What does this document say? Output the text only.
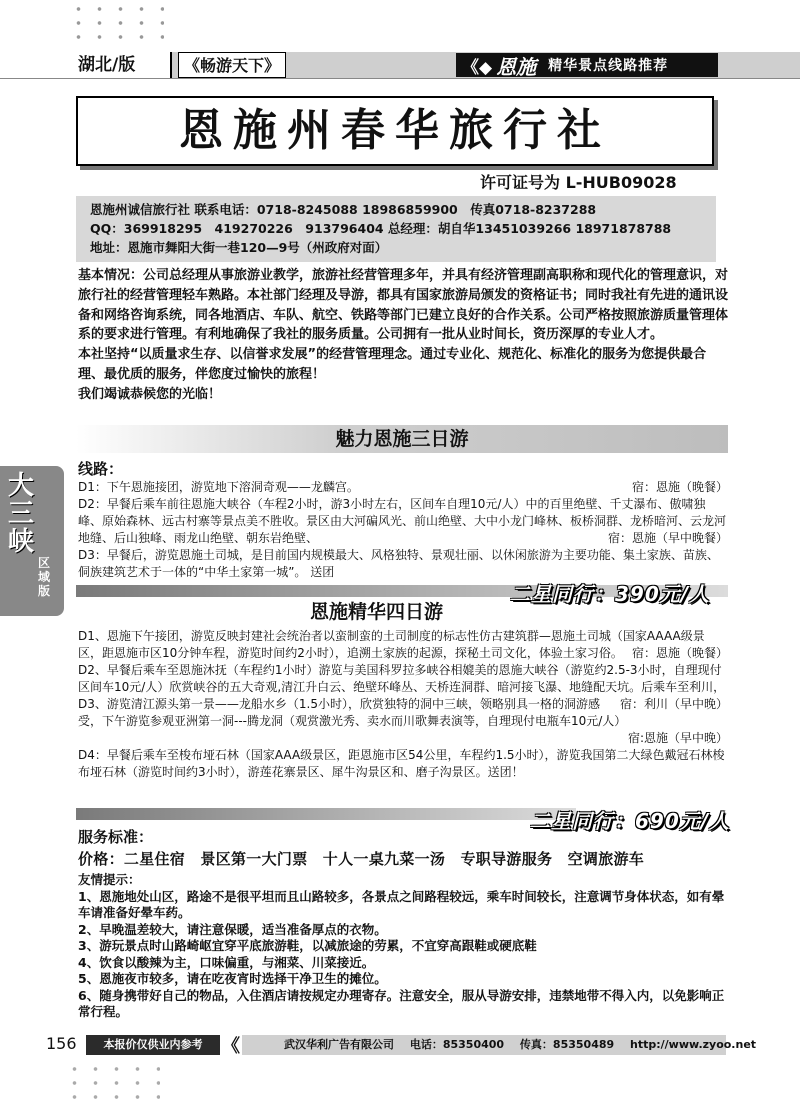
湖北/版	《畅游天下》	《◆ 恩施 精华景点线路推荐
恩施州春华旅行社
许可证号为 L-HUB09028
恩施州诚信旅行社 联系电话：0718-8245088 18986859900　传真0718-8237288
QQ：369918295　419270226　913796404 总经理：胡自华13451039266 18971878788
地址：恩施市舞阳大街一巷120—9号（州政府对面）

基本情况：公司总经理从事旅游业教学，旅游社经营管理多年，并具有经济管理副高职称和现代化的管理意识，对旅行社的经营管理轻车熟路。本社部门经理及导游，都具有国家旅游局颁发的资格证书；同时我社有先进的通讯设备和网络咨询系统，同各地酒店、车队、航空、铁路等部门已建立良好的合作关系。公司严格按照旅游质量管理体系的要求进行管理。有利地确保了我社的服务质量。公司拥有一批从业时间长，资历深厚的专业人才。

本社坚持“以质量求生存、以信誉求发展”的经营管理理念。通过专业化、规范化、标准化的服务为您提供最合理、最优质的服务，伴您度过愉快的旅程！

我们竭诚恭候您的光临！

魅力恩施三日游
大三峡
区域版
线路：

宿：恩施（晚餐）
D1：下午恩施接团，游览地下溶洞奇观——龙麟宫。

D2：早餐后乘车前往恩施大峡谷（车程2小时，游3小时左右，区间车自理10元/人）中的百里绝壁、千丈瀑布、傲啸独峰、原始森林、远古村寨等景点美不胜收。景区由大河碥风光、前山绝壁、大中小龙门峰林、板桥洞群、龙桥暗河、云龙河地缝、后山独峰、雨龙山绝壁、朝东岩绝壁、	宿：恩施（早中晚餐）

D3：早餐后，游览恩施土司城，是目前国内规模最大、风格独特、景观壮丽、以休闲旅游为主要功能、集土家族、苗族、侗族建筑艺术于一体的“中华土家第一城”。 送团

二星同行：390元/人
恩施精华四日游

D1、恩施下午接团，游览反映封建社会统治者以蛮制蛮的土司制度的标志性仿古建筑群—恩施土司城（国家AAAA级景区，距恩施市区10分钟车程，游览时间约2小时），追溯土家族的起源，探秘土司文化，体验土家习俗。 宿：恩施（晚餐）

D2、早餐后乘车至恩施沐抚（车程约1小时）游览与美国科罗拉多峡谷相媲美的恩施大峡谷（游览约2.5-3小时，自理现付区间车10元/人）欣赏峡谷的五大奇观,清江升白云、绝壁环峰丛、天桥连洞群、暗河接飞瀑、地缝配天坑。后乘车至利川，
宿：利川（早中晚）

D3、游览清江源头第一景——龙船水乡（1.5小时），欣赏独特的洞中三峡，领略别具一格的洞游感受，下午游览参观亚洲第一洞---腾龙洞（观赏激光秀、卖水而川歌舞表演等，自理现付电瓶车10元/人）

宿:恩施（早中晚）

D4：早餐后乘车至梭布垭石林（国家AAA级景区，距恩施市区54公里，车程约1.5小时），游览我国第二大绿色戴冠石林梭布垭石林（游览时间约3小时），游莲花寨景区、犀牛沟景区和、磨子沟景区。送团！

二星同行：690元/人
服务标准：
价格：二星住宿　景区第一大门票　十人一桌九菜一汤　专职导游服务　空调旅游车

友情提示：

1、恩施地处山区，路途不是很平坦而且山路较多，各景点之间路程较远，乘车时间较长，注意调节身体状态，如有晕车请准备好晕车药。

2、早晚温差较大，请注意保暖，适当准备厚点的衣物。

3、游玩景点时山路崎岖宜穿平底旅游鞋，以减旅途的劳累，不宜穿高跟鞋或硬底鞋

4、饮食以酸辣为主，口味偏重，与湘菜、川菜接近。

5、恩施夜市较多，请在吃夜宵时选择干净卫生的摊位。

6、随身携带好自己的物品，入住酒店请按规定办理寄存。注意安全，服从导游安排，违禁地带不得入内，以免影响正常行程。

156	本报价仅供业内参考	《	武汉华利广告有限公司 电话：85350400 传真：85350489 http://www.zyoo.net
